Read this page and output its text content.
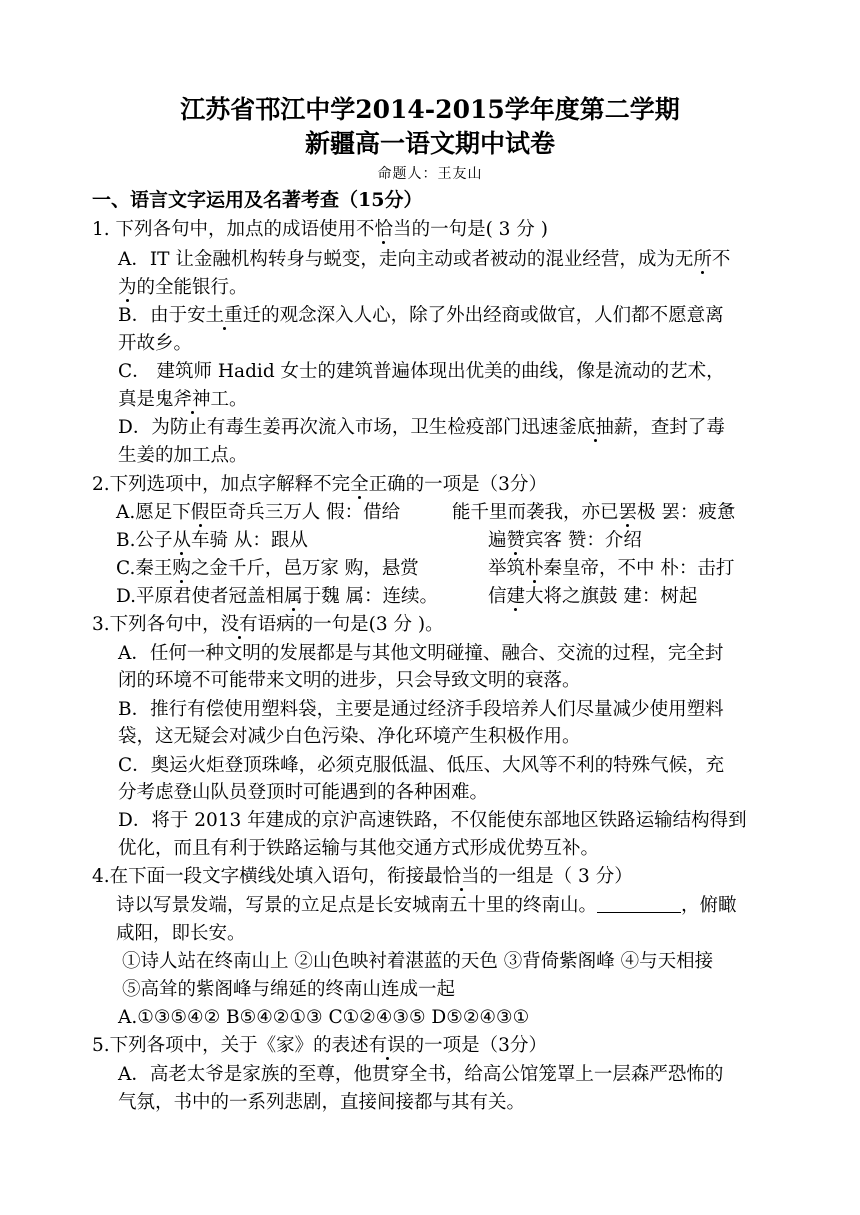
江苏省邗江中学2014-2015学年度第二学期
新疆高一语文期中试卷
命题人：王友山
一、语言文字运用及名著考查（15分）
1. 下列各句中，加点的成语使用不恰当的一句是( 3 分 )
A．IT 让金融机构转身与蜕变，走向主动或者被动的混业经营，成为无所不
为的全能银行。
B．由于安土重迁的观念深入人心，除了外出经商或做官，人们都不愿意离
开故乡。
C． 建筑师 Hadid 女士的建筑普遍体现出优美的曲线，像是流动的艺术，
真是鬼斧神工。
D．为防止有毒生姜再次流入市场，卫生检疫部门迅速釜底抽薪，查封了毒
生姜的加工点。
2.下列选项中，加点字解释不完全正确的一项是（3分）
A.愿足下假臣奇兵三万人 假：借给	能千里而袭我，亦已罢极 罢：疲惫
B.公子从车骑 从：跟从	遍赞宾客 赞：介绍
C.秦王购之金千斤，邑万家 购，悬赏	举筑朴秦皇帝，不中 朴：击打
D.平原君使者冠盖相属于魏 属：连续。	信建大将之旗鼓 建：树起
3.下列各句中，没有语病的一句是(3 分 )。
A．任何一种文明的发展都是与其他文明碰撞、融合、交流的过程，完全封
闭的环境不可能带来文明的进步，只会导致文明的衰落。
B．推行有偿使用塑料袋，主要是通过经济手段培养人们尽量减少使用塑料
袋，这无疑会对减少白色污染、净化环境产生积极作用。
C．奥运火炬登顶珠峰，必须克服低温、低压、大风等不利的特殊气候，充
分考虑登山队员登顶时可能遇到的各种困难。
D．将于 2013 年建成的京沪高速铁路，不仅能使东部地区铁路运输结构得到
优化，而且有利于铁路运输与其他交通方式形成优势互补。
4.在下面一段文字横线处填入语句，衔接最恰当的一组是（ 3 分）
诗以写景发端，写景的立足点是长安城南五十里的终南山。	，俯瞰
咸阳，即长安。
①诗人站在终南山上 ②山色映衬着湛蓝的天色 ③背倚紫阁峰 ④与天相接
⑤高耸的紫阁峰与绵延的终南山连成一起
A.①③⑤④② B⑤④②①③ C①②④③⑤ D⑤②④③①
5.下列各项中，关于《家》的表述有误的一项是（3分）
A．高老太爷是家族的至尊，他贯穿全书，给高公馆笼罩上一层森严恐怖的
气氛，书中的一系列悲剧，直接间接都与其有关。
